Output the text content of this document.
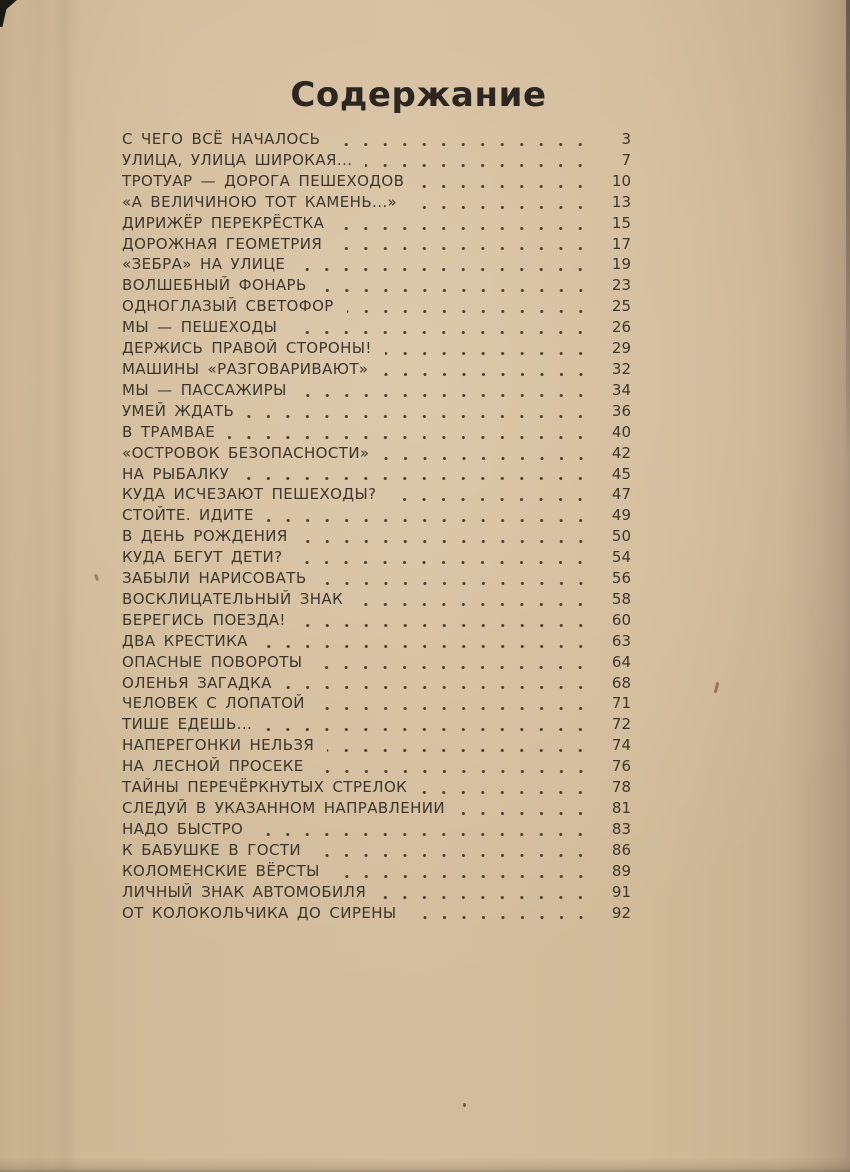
Содержание
С ЧЕГО ВСЁ НАЧАЛОСЬ	3
УЛИЦА, УЛИЦА ШИРОКАЯ...	7
ТРОТУАР — ДОРОГА ПЕШЕХОДОВ	10
«А ВЕЛИЧИНОЮ ТОТ КАМЕНЬ...»	13
ДИРИЖЁР ПЕРЕКРЁСТКА	15
ДОРОЖНАЯ ГЕОМЕТРИЯ	17
«ЗЕБРА» НА УЛИЦЕ	19
ВОЛШЕБНЫЙ ФОНАРЬ	23
ОДНОГЛАЗЫЙ СВЕТОФОР	25
МЫ — ПЕШЕХОДЫ	26
ДЕРЖИСЬ ПРАВОЙ СТОРОНЫ!	29
МАШИНЫ «РАЗГОВАРИВАЮТ»	32
МЫ — ПАССАЖИРЫ	34
УМЕЙ ЖДАТЬ	36
В ТРАМВАЕ	40
«ОСТРОВОК БЕЗОПАСНОСТИ»	42
НА РЫБАЛКУ	45
КУДА ИСЧЕЗАЮТ ПЕШЕХОДЫ?	47
СТОЙТЕ. ИДИТЕ	49
В ДЕНЬ РОЖДЕНИЯ	50
КУДА БЕГУТ ДЕТИ?	54
ЗАБЫЛИ НАРИСОВАТЬ	56
ВОСКЛИЦАТЕЛЬНЫЙ ЗНАК	58
БЕРЕГИСЬ ПОЕЗДА!	60
ДВА КРЕСТИКА	63
ОПАСНЫЕ ПОВОРОТЫ	64
ОЛЕНЬЯ ЗАГАДКА	68
ЧЕЛОВЕК С ЛОПАТОЙ	71
ТИШЕ ЕДЕШЬ...	72
НАПЕРЕГОНКИ НЕЛЬЗЯ	74
НА ЛЕСНОЙ ПРОСЕКЕ	76
ТАЙНЫ ПЕРЕЧЁРКНУТЫХ СТРЕЛОК	78
СЛЕДУЙ В УКАЗАННОМ НАПРАВЛЕНИИ	81
НАДО БЫСТРО	83
К БАБУШКЕ В ГОСТИ	86
КОЛОМЕНСКИЕ ВЁРСТЫ	89
ЛИЧНЫЙ ЗНАК АВТОМОБИЛЯ	91
ОТ КОЛОКОЛЬЧИКА ДО СИРЕНЫ	92
